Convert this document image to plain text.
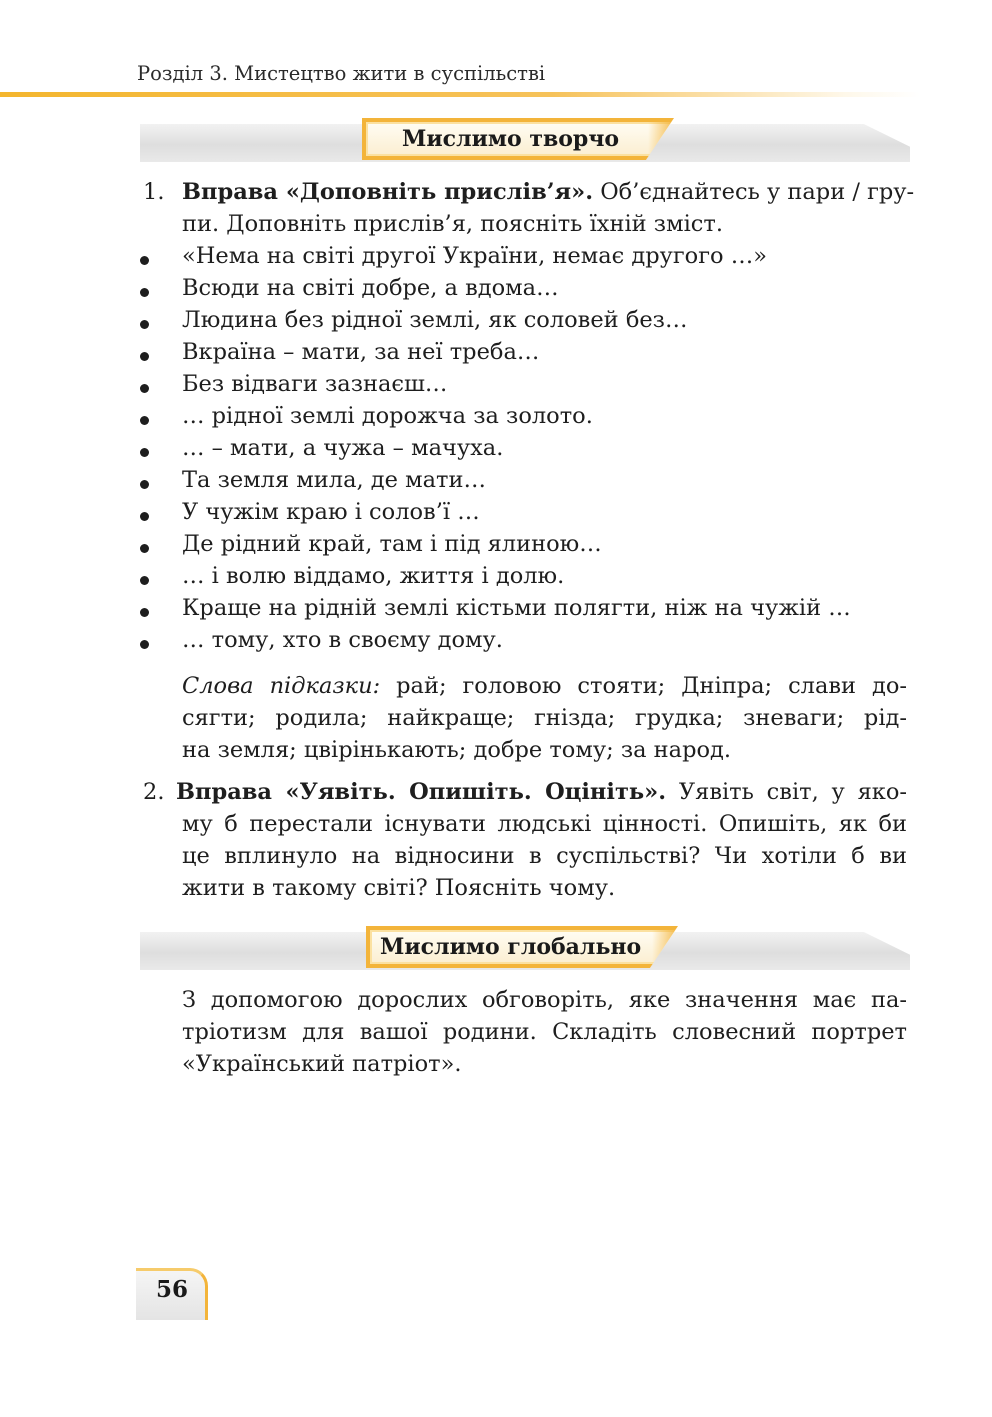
Розділ 3. Мистецтво жити в суспільстві
Мислимо творчо
1. Вправа «Доповніть прислів’я». Об’єднайтесь у пари / гру-
пи. Доповніть прислів’я, поясніть їхній зміст.
«Нема на світі другої України, немає другого …»
Всюди на світі добре, а вдома…
Людина без рідної землі, як соловей без…
Вкраїна – мати, за неї треба…
Без відваги зазнаєш…
… рідної землі дорожча за золото.
… – мати, а чужа – мачуха.
Та земля мила, де мати…
У чужім краю і солов’ї …
Де рідний край, там і під ялиною…
… і волю віддамо, життя і долю.
Краще на рідній землі кістьми полягти, ніж на чужій …
… тому, хто в своєму дому.
Слова підказки: рай; головою стояти; Дніпра; слави до-
сягти; родила; найкраще; гнізда; грудка; зневаги; рід-
на земля; цвірінькають; добре тому; за народ.
2. Вправа «Уявіть. Опишіть. Оцініть». Уявіть світ, у яко-
му б перестали існувати людські цінності. Опишіть, як би
це вплинуло на відносини в суспільстві? Чи хотіли б ви
жити в такому світі? Поясніть чому.
Мислимо глобально
З допомогою дорослих обговоріть, яке значення має па-
тріотизм для вашої родини. Складіть словесний портрет
«Український патріот».
56
